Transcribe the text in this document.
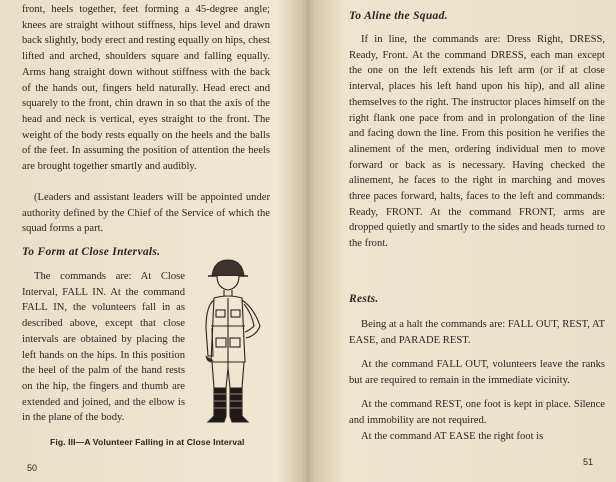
front, heels together, feet forming a 45-degree angle; knees are straight without stiffness, hips level and drawn back slightly, body erect and resting equally on hips, chest lifted and arched, shoulders square and falling equally. Arms hang straight down without stiffness with the back of the hands out, fingers held naturally. Head erect and squarely to the front, chin drawn in so that the axis of the head and neck is vertical, eyes straight to the front. The weight of the body rests equally on the heels and the balls of the feet. In assuming the position of attention the heels are brought together smartly and audibly.

(Leaders and assistant leaders will be appointed under authority defined by the Chief of the Service of which the squad forms a part.

To Form at Close Intervals.

The commands are: At Close Interval, FALL IN. At the command FALL IN, the volunteers fall in as described above, except that close intervals are obtained by placing the left hands on the hips. In this position the heel of the palm of the hand rests on the hip, the fingers and thumb are extended and joined, and the elbow is in the plane of the body.

Fig. III—A Volunteer Falling in at Close Interval

50

To Aline the Squad.

If in line, the commands are: Dress Right, DRESS, Ready, Front. At the command DRESS, each man except the one on the left extends his left arm (or if at close interval, places his left hand upon his hip), and all aline themselves to the right. The instructor places himself on the right flank one pace from and in prolongation of the line and facing down the line. From this position he verifies the alinement of the men, ordering individual men to move forward or back as is necessary. Having checked the alinement, he faces to the right in marching and moves three paces forward, halts, faces to the left and commands: Ready, FRONT. At the command FRONT, arms are dropped quietly and smartly to the sides and heads turned to the front.

Rests.

Being at a halt the commands are: FALL OUT, REST, AT EASE, and PARADE REST.

At the command FALL OUT, volunteers leave the ranks but are required to remain in the immediate vicinity.

At the command REST, one foot is kept in place. Silence and immobility are not required.

At the command AT EASE the right foot is

51
